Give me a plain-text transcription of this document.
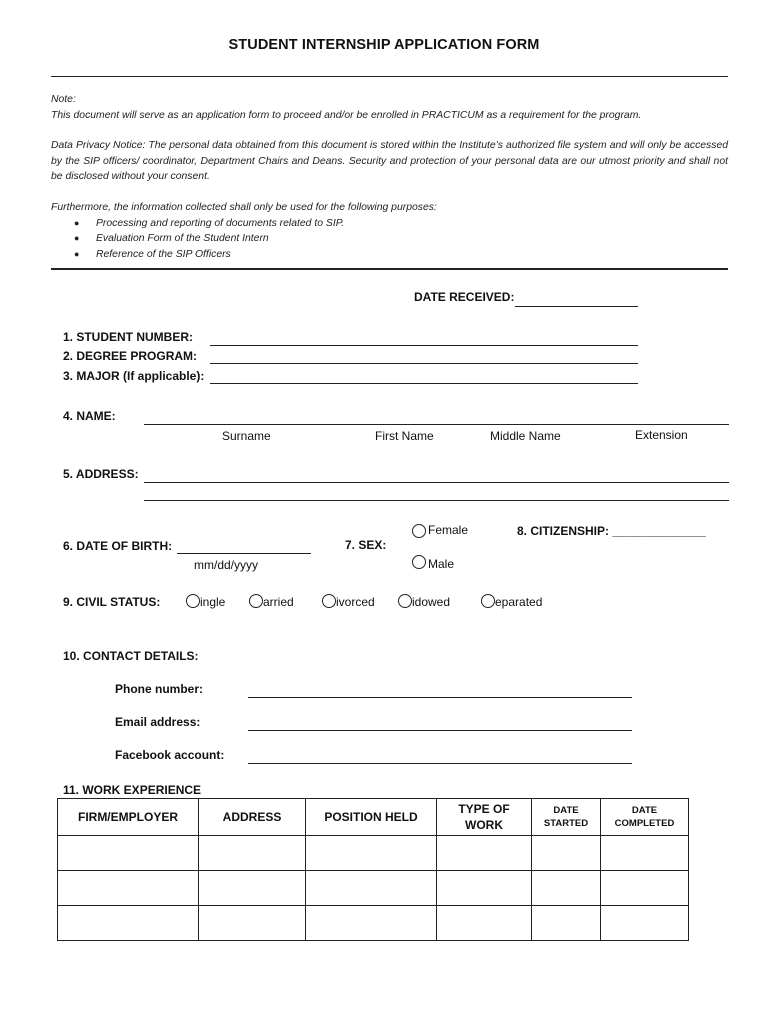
STUDENT INTERNSHIP APPLICATION FORM
Note:
This document will serve as an application form to proceed and/or be enrolled in PRACTICUM as a requirement for the program.
Data Privacy Notice: The personal data obtained from this document is stored within the Institute’s authorized file system and will only be accessed by the SIP officers/ coordinator, Department Chairs and Deans. Security and protection of your personal data are our utmost priority and shall not be disclosed without your consent.
Furthermore, the information collected shall only be used for the following purposes:
● Processing and reporting of documents related to SIP.
● Evaluation Form of the Student Intern
● Reference of the SIP Officers
DATE RECEIVED:
1. STUDENT NUMBER:
2. DEGREE PROGRAM:
3. MAJOR (If applicable):
4. NAME:
Surname	First Name	Middle Name	Extension
5. ADDRESS:
6. DATE OF BIRTH:
mm/dd/yyyy
7. SEX:
Female
Male
8. CITIZENSHIP: ______________
9. CIVIL STATUS:	ingle	arried	ivorced	idowed	eparated
10. CONTACT DETAILS:
Phone number:
Email address:
Facebook account:
11. WORK EXPERIENCE
FIRM/EMPLOYER	ADDRESS	POSITION HELD	TYPE OF WORK	DATE STARTED	DATE COMPLETED
